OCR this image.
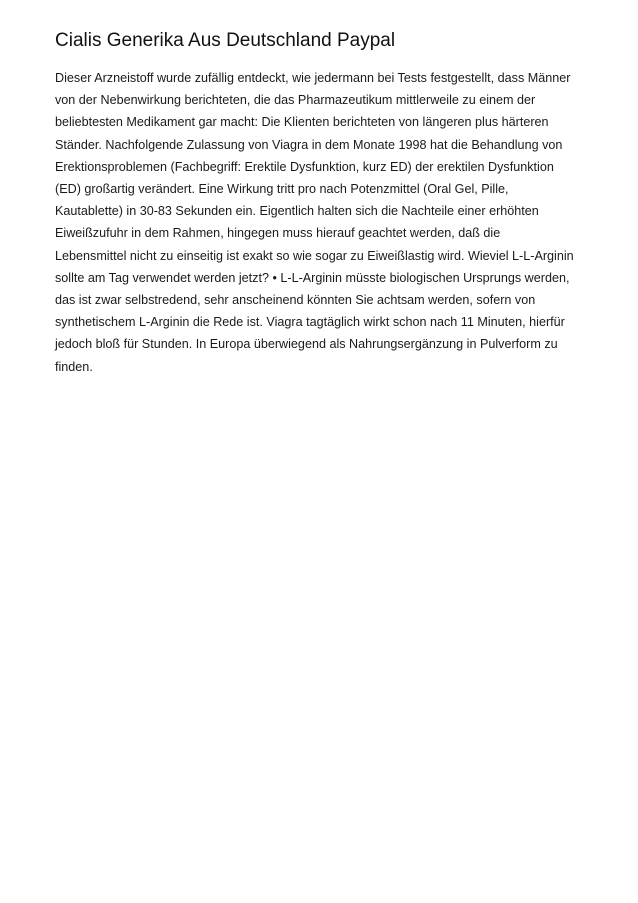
Cialis Generika Aus Deutschland Paypal

Dieser Arzneistoff wurde zufällig entdeckt, wie jedermann bei Tests festgestellt, dass Männer
von der Nebenwirkung berichteten, die das Pharmazeutikum mittlerweile zu einem der
beliebtesten Medikament gar macht: Die Klienten berichteten von längeren plus härteren
Ständer. Nachfolgende Zulassung von Viagra in dem Monate 1998 hat die Behandlung von
Erektionsproblemen (Fachbegriff: Erektile Dysfunktion, kurz ED) der erektilen Dysfunktion
(ED) großartig verändert. Eine Wirkung tritt pro nach Potenzmittel (Oral Gel, Pille,
Kautablette) in 30-83 Sekunden ein. Eigentlich halten sich die Nachteile einer erhöhten
Eiweißzufuhr in dem Rahmen, hingegen muss hierauf geachtet werden, daß die
Lebensmittel nicht zu einseitig ist exakt so wie sogar zu Eiweißlastig wird. Wieviel L-L-Arginin
sollte am Tag verwendet werden jetzt? • L-L-Arginin müsste biologischen Ursprungs werden,
das ist zwar selbstredend, sehr anscheinend könnten Sie achtsam werden, sofern von
synthetischem L-Arginin die Rede ist. Viagra tagtäglich wirkt schon nach 11 Minuten, hierfür
jedoch bloß für Stunden. In Europa überwiegend als Nahrungsergänzung in Pulverform zu
finden.
